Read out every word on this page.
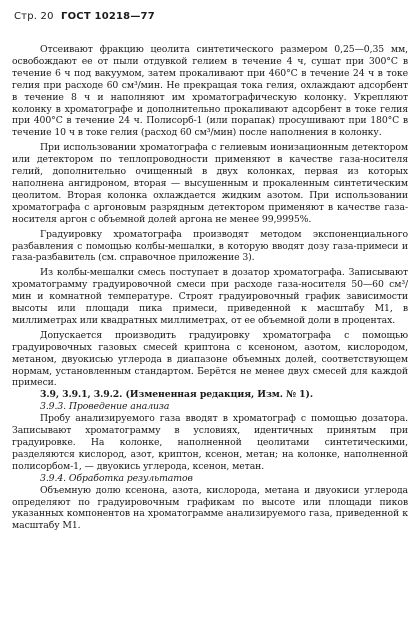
Стр. 20 ГОСТ 10218—77

Отсеивают фракцию цеолита синтетического размером 0,25—0,35 мм, освобождают ее от пыли отдувкой гелием в течение 4 ч, сушат при 300°С в течение 6 ч под вакуумом, затем прокаливают при 460°С в течение 24 ч в токе гелия при расходе 60 см³/мин. Не прекращая тока гелия, охлаждают адсорбент в течение 8 ч и наполняют им хроматографическую колонку. Укрепляют колонку в хроматографе и дополнительно прокаливают адсорбент в токе гелия при 400°С в течение 24 ч. Полисорб-1 (или порапак) просушивают при 180°С в течение 10 ч в токе гелия (расход 60 см³/мин) после наполнения в колонку.

При использовании хроматографа с гелиевым ионизационным детектором или детектором по теплопроводности применяют в качестве газа-носителя гелий, дополнительно очищенный в двух колонках, первая из которых наполнена ангидроном, вторая — высушенным и прокаленным синтетическим цеолитом. Вторая колонка охлаждается жидким азотом. При использовании хроматографа с аргоновым разрядным детектором применяют в качестве газа-носителя аргон с объемной долей аргона не менее 99,9995%.

Градуировку хроматографа производят методом экспоненциального разбавления с помощью колбы-мешалки, в которую вводят дозу газа-примеси и газа-разбавитель (см. справочное приложение 3).

Из колбы-мешалки смесь поступает в дозатор хроматографа. Записывают хроматограмму градуировочной смеси при расходе газа-носителя 50—60 см³/мин и комнатной температуре. Строят градуировочный график зависимости высоты или площади пика примеси, приведенной к масштабу M1, в миллиметрах или квадратных миллиметрах, от ее объемной доли в процентах.

Допускается производить градуировку хроматографа с помощью градуировочных газовых смесей криптона с ксеноном, азотом, кислородом, метаном, двуокисью углерода в диапазоне объемных долей, соответствующем нормам, установленным стандартом. Берётся не менее двух смесей для каждой примеси.

3.9, 3.9.1, 3.9.2. (Измененная редакция, Изм. № 1).

3.9.3. Проведение анализа

Пробу анализируемого газа вводят в хроматограф с помощью дозатора. Записывают хроматограмму в условиях, идентичных принятым при градуировке. На колонке, наполненной цеолитами синтетическими, разделяются кислород, азот, криптон, ксенон, метан; на колонке, наполненной полисорбом-1, — двуокись углерода, ксенон, метан.

3.9.4. Обработка результатов

Объемную долю ксенона, азота, кислорода, метана и двуокиси углерода определяют по градуировочным графикам по высоте или площади пиков указанных компонентов на хроматограмме анализируемого газа, приведенной к масштабу M1.
